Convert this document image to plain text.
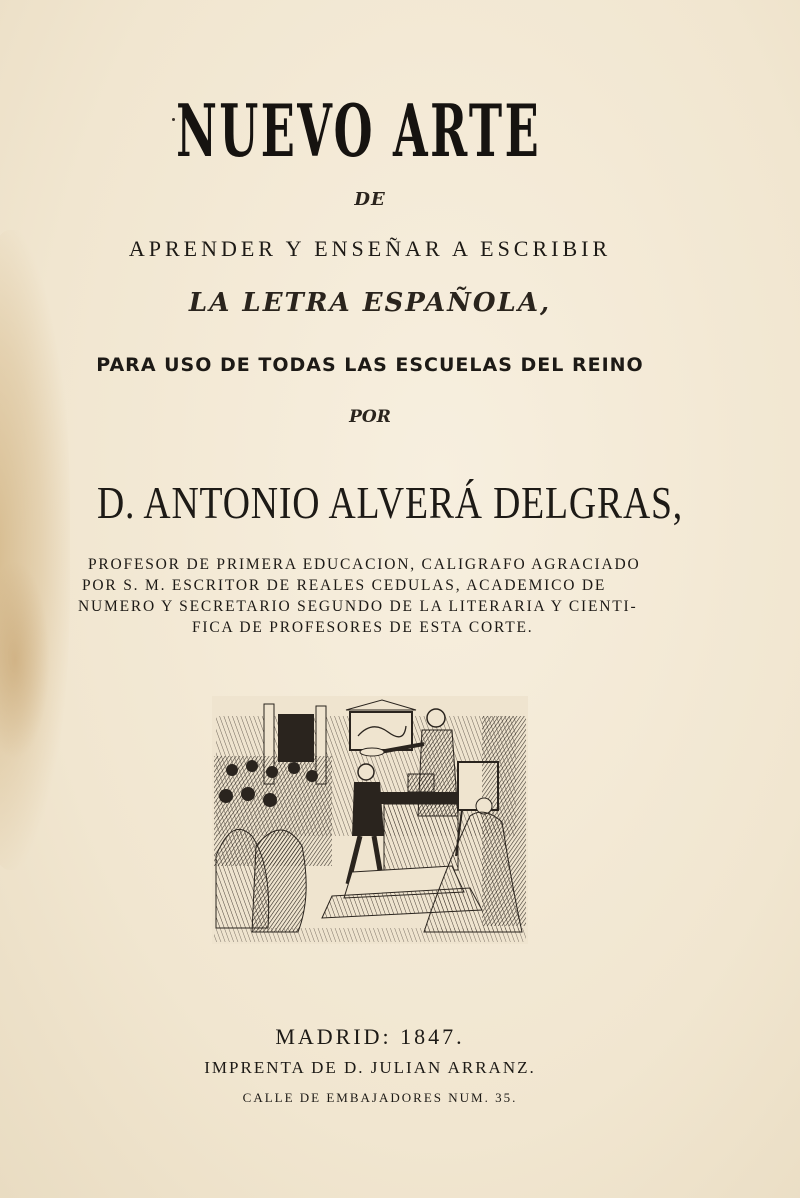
NUEVO ARTE
DE
APRENDER Y ENSEÑAR A ESCRIBIR
LA LETRA ESPAÑOLA,
PARA USO DE TODAS LAS ESCUELAS DEL REINO
POR
D. ANTONIO ALVERÁ DELGRAS,

PROFESOR DE PRIMERA EDUCACION, CALIGRAFO AGRACIADO

POR S. M. ESCRITOR DE REALES CEDULAS, ACADEMICO DE

NUMERO Y SECRETARIO SEGUNDO DE LA LITERARIA Y CIENTI-

FICA DE PROFESORES DE ESTA CORTE.

MADRID: 1847.
IMPRENTA DE D. JULIAN ARRANZ.
CALLE DE EMBAJADORES NUM. 35.
